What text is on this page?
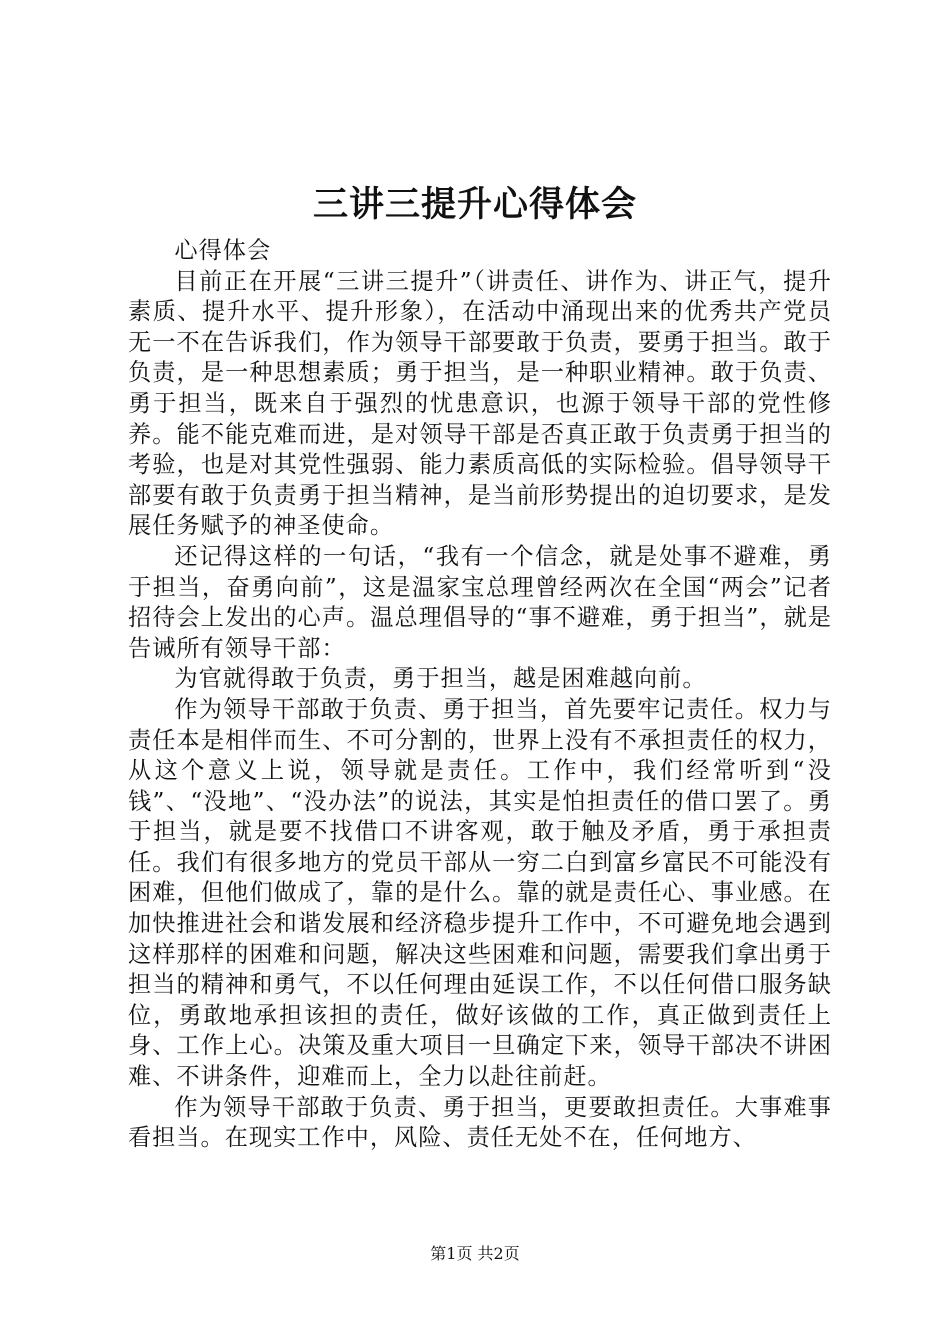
三讲三提升心得体会

心得体会

目前正在开展“三讲三提升”（讲责任、讲作为、讲正气，提升素质、提升水平、提升形象），在活动中涌现出来的优秀共产党员无一不在告诉我们，作为领导干部要敢于负责，要勇于担当。敢于负责，是一种思想素质；勇于担当，是一种职业精神。敢于负责、勇于担当，既来自于强烈的忧患意识，也源于领导干部的党性修养。能不能克难而进，是对领导干部是否真正敢于负责勇于担当的考验，也是对其党性强弱、能力素质高低的实际检验。倡导领导干部要有敢于负责勇于担当精神，是当前形势提出的迫切要求，是发展任务赋予的神圣使命。

还记得这样的一句话，“我有一个信念，就是处事不避难，勇于担当，奋勇向前”，这是温家宝总理曾经两次在全国“两会”记者招待会上发出的心声。温总理倡导的“事不避难，勇于担当”，就是告诫所有领导干部：

为官就得敢于负责，勇于担当，越是困难越向前。

作为领导干部敢于负责、勇于担当，首先要牢记责任。权力与责任本是相伴而生、不可分割的，世界上没有不承担责任的权力，从这个意义上说，领导就是责任。工作中，我们经常听到“没钱”、“没地”、“没办法”的说法，其实是怕担责任的借口罢了。勇于担当，就是要不找借口不讲客观，敢于触及矛盾，勇于承担责任。我们有很多地方的党员干部从一穷二白到富乡富民不可能没有困难，但他们做成了，靠的是什么。靠的就是责任心、事业感。在加快推进社会和谐发展和经济稳步提升工作中，不可避免地会遇到这样那样的困难和问题，解决这些困难和问题，需要我们拿出勇于担当的精神和勇气，不以任何理由延误工作，不以任何借口服务缺位，勇敢地承担该担的责任，做好该做的工作，真正做到责任上身、工作上心。决策及重大项目一旦确定下来，领导干部决不讲困难、不讲条件，迎难而上，全力以赴往前赶。

作为领导干部敢于负责、勇于担当，更要敢担责任。大事难事看担当。在现实工作中，风险、责任无处不在，任何地方、

第1页 共2页
